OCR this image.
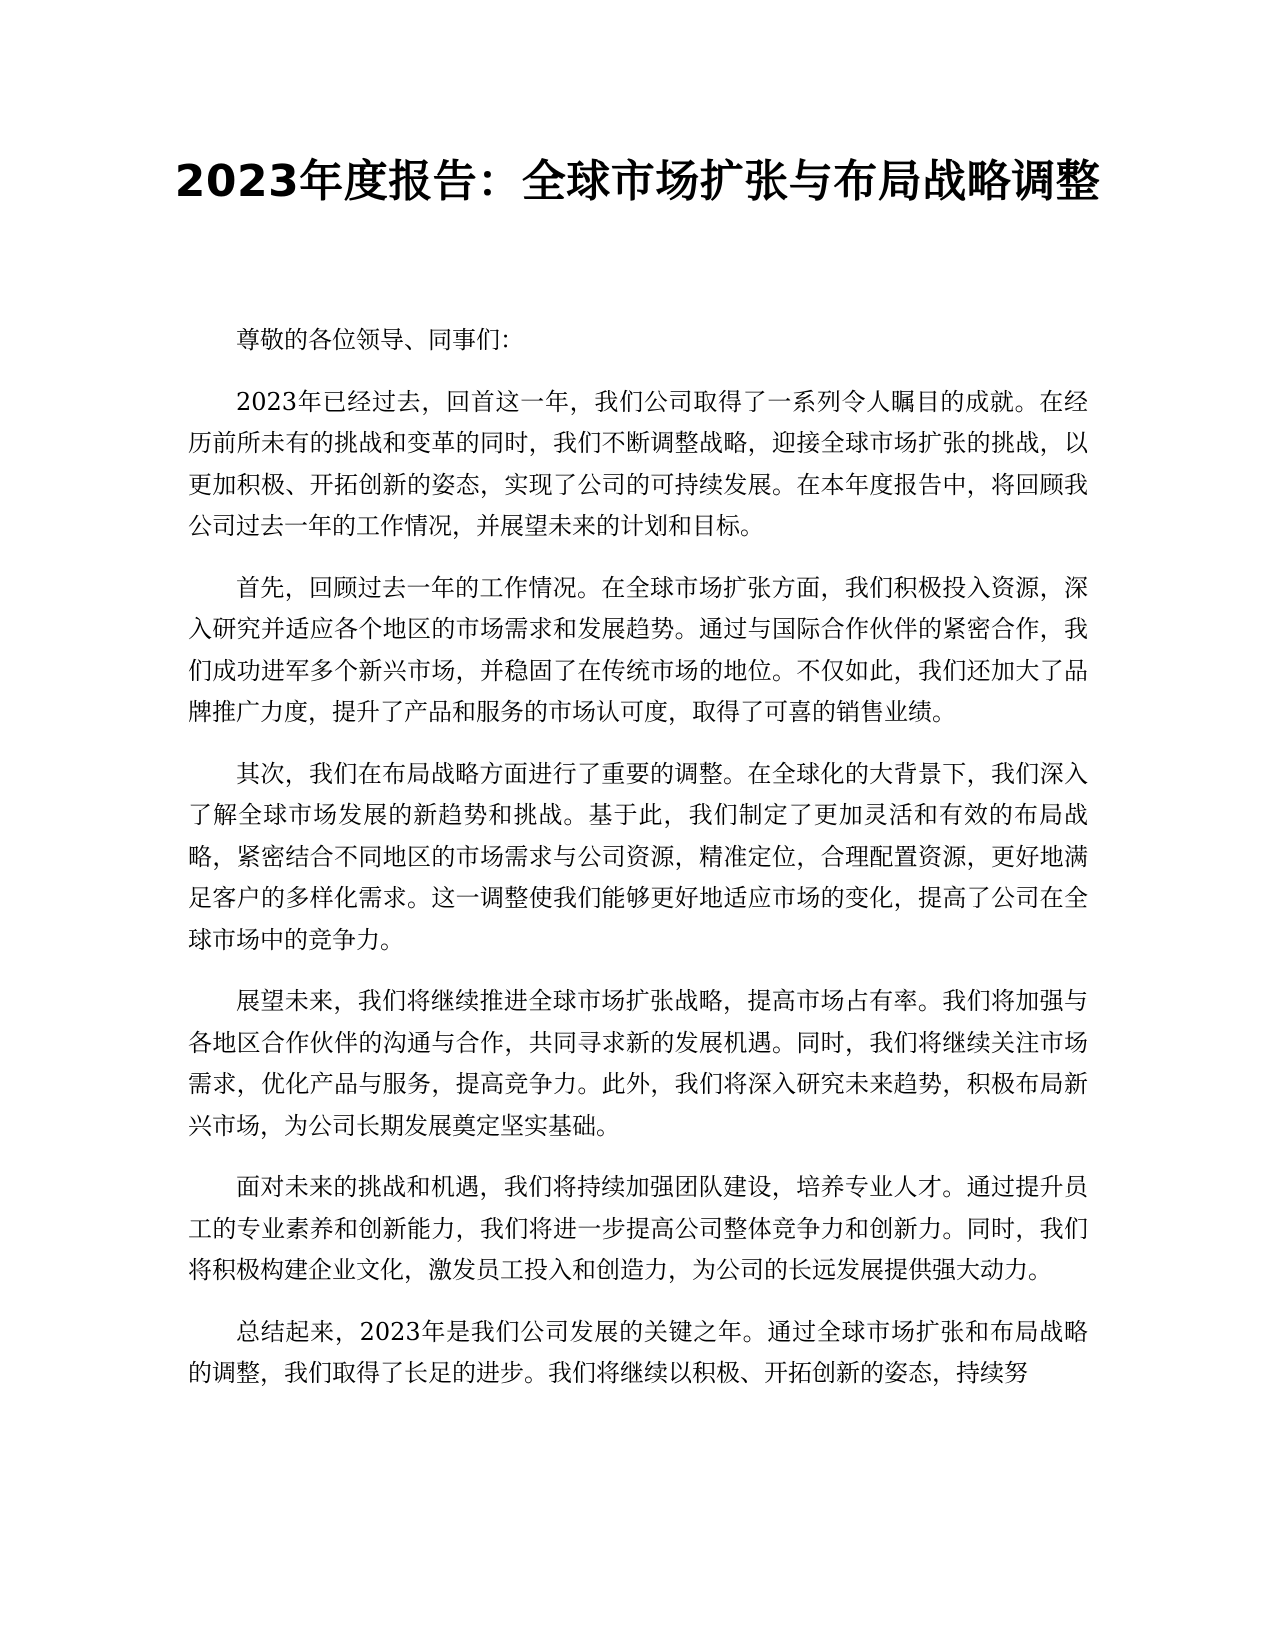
2023年度报告：全球市场扩张与布局战略调整

尊敬的各位领导、同事们：

2023年已经过去，回首这一年，我们公司取得了一系列令人瞩目的成就。在经历前所未有的挑战和变革的同时，我们不断调整战略，迎接全球市场扩张的挑战，以更加积极、开拓创新的姿态，实现了公司的可持续发展。在本年度报告中，将回顾我公司过去一年的工作情况，并展望未来的计划和目标。

首先，回顾过去一年的工作情况。在全球市场扩张方面，我们积极投入资源，深入研究并适应各个地区的市场需求和发展趋势。通过与国际合作伙伴的紧密合作，我们成功进军多个新兴市场，并稳固了在传统市场的地位。不仅如此，我们还加大了品牌推广力度，提升了产品和服务的市场认可度，取得了可喜的销售业绩。

其次，我们在布局战略方面进行了重要的调整。在全球化的大背景下，我们深入了解全球市场发展的新趋势和挑战。基于此，我们制定了更加灵活和有效的布局战略，紧密结合不同地区的市场需求与公司资源，精准定位，合理配置资源，更好地满足客户的多样化需求。这一调整使我们能够更好地适应市场的变化，提高了公司在全球市场中的竞争力。

展望未来，我们将继续推进全球市场扩张战略，提高市场占有率。我们将加强与各地区合作伙伴的沟通与合作，共同寻求新的发展机遇。同时，我们将继续关注市场需求，优化产品与服务，提高竞争力。此外，我们将深入研究未来趋势，积极布局新兴市场，为公司长期发展奠定坚实基础。

面对未来的挑战和机遇，我们将持续加强团队建设，培养专业人才。通过提升员工的专业素养和创新能力，我们将进一步提高公司整体竞争力和创新力。同时，我们将积极构建企业文化，激发员工投入和创造力，为公司的长远发展提供强大动力。

总结起来，2023年是我们公司发展的关键之年。通过全球市场扩张和布局战略的调整，我们取得了长足的进步。我们将继续以积极、开拓创新的姿态，持续努
